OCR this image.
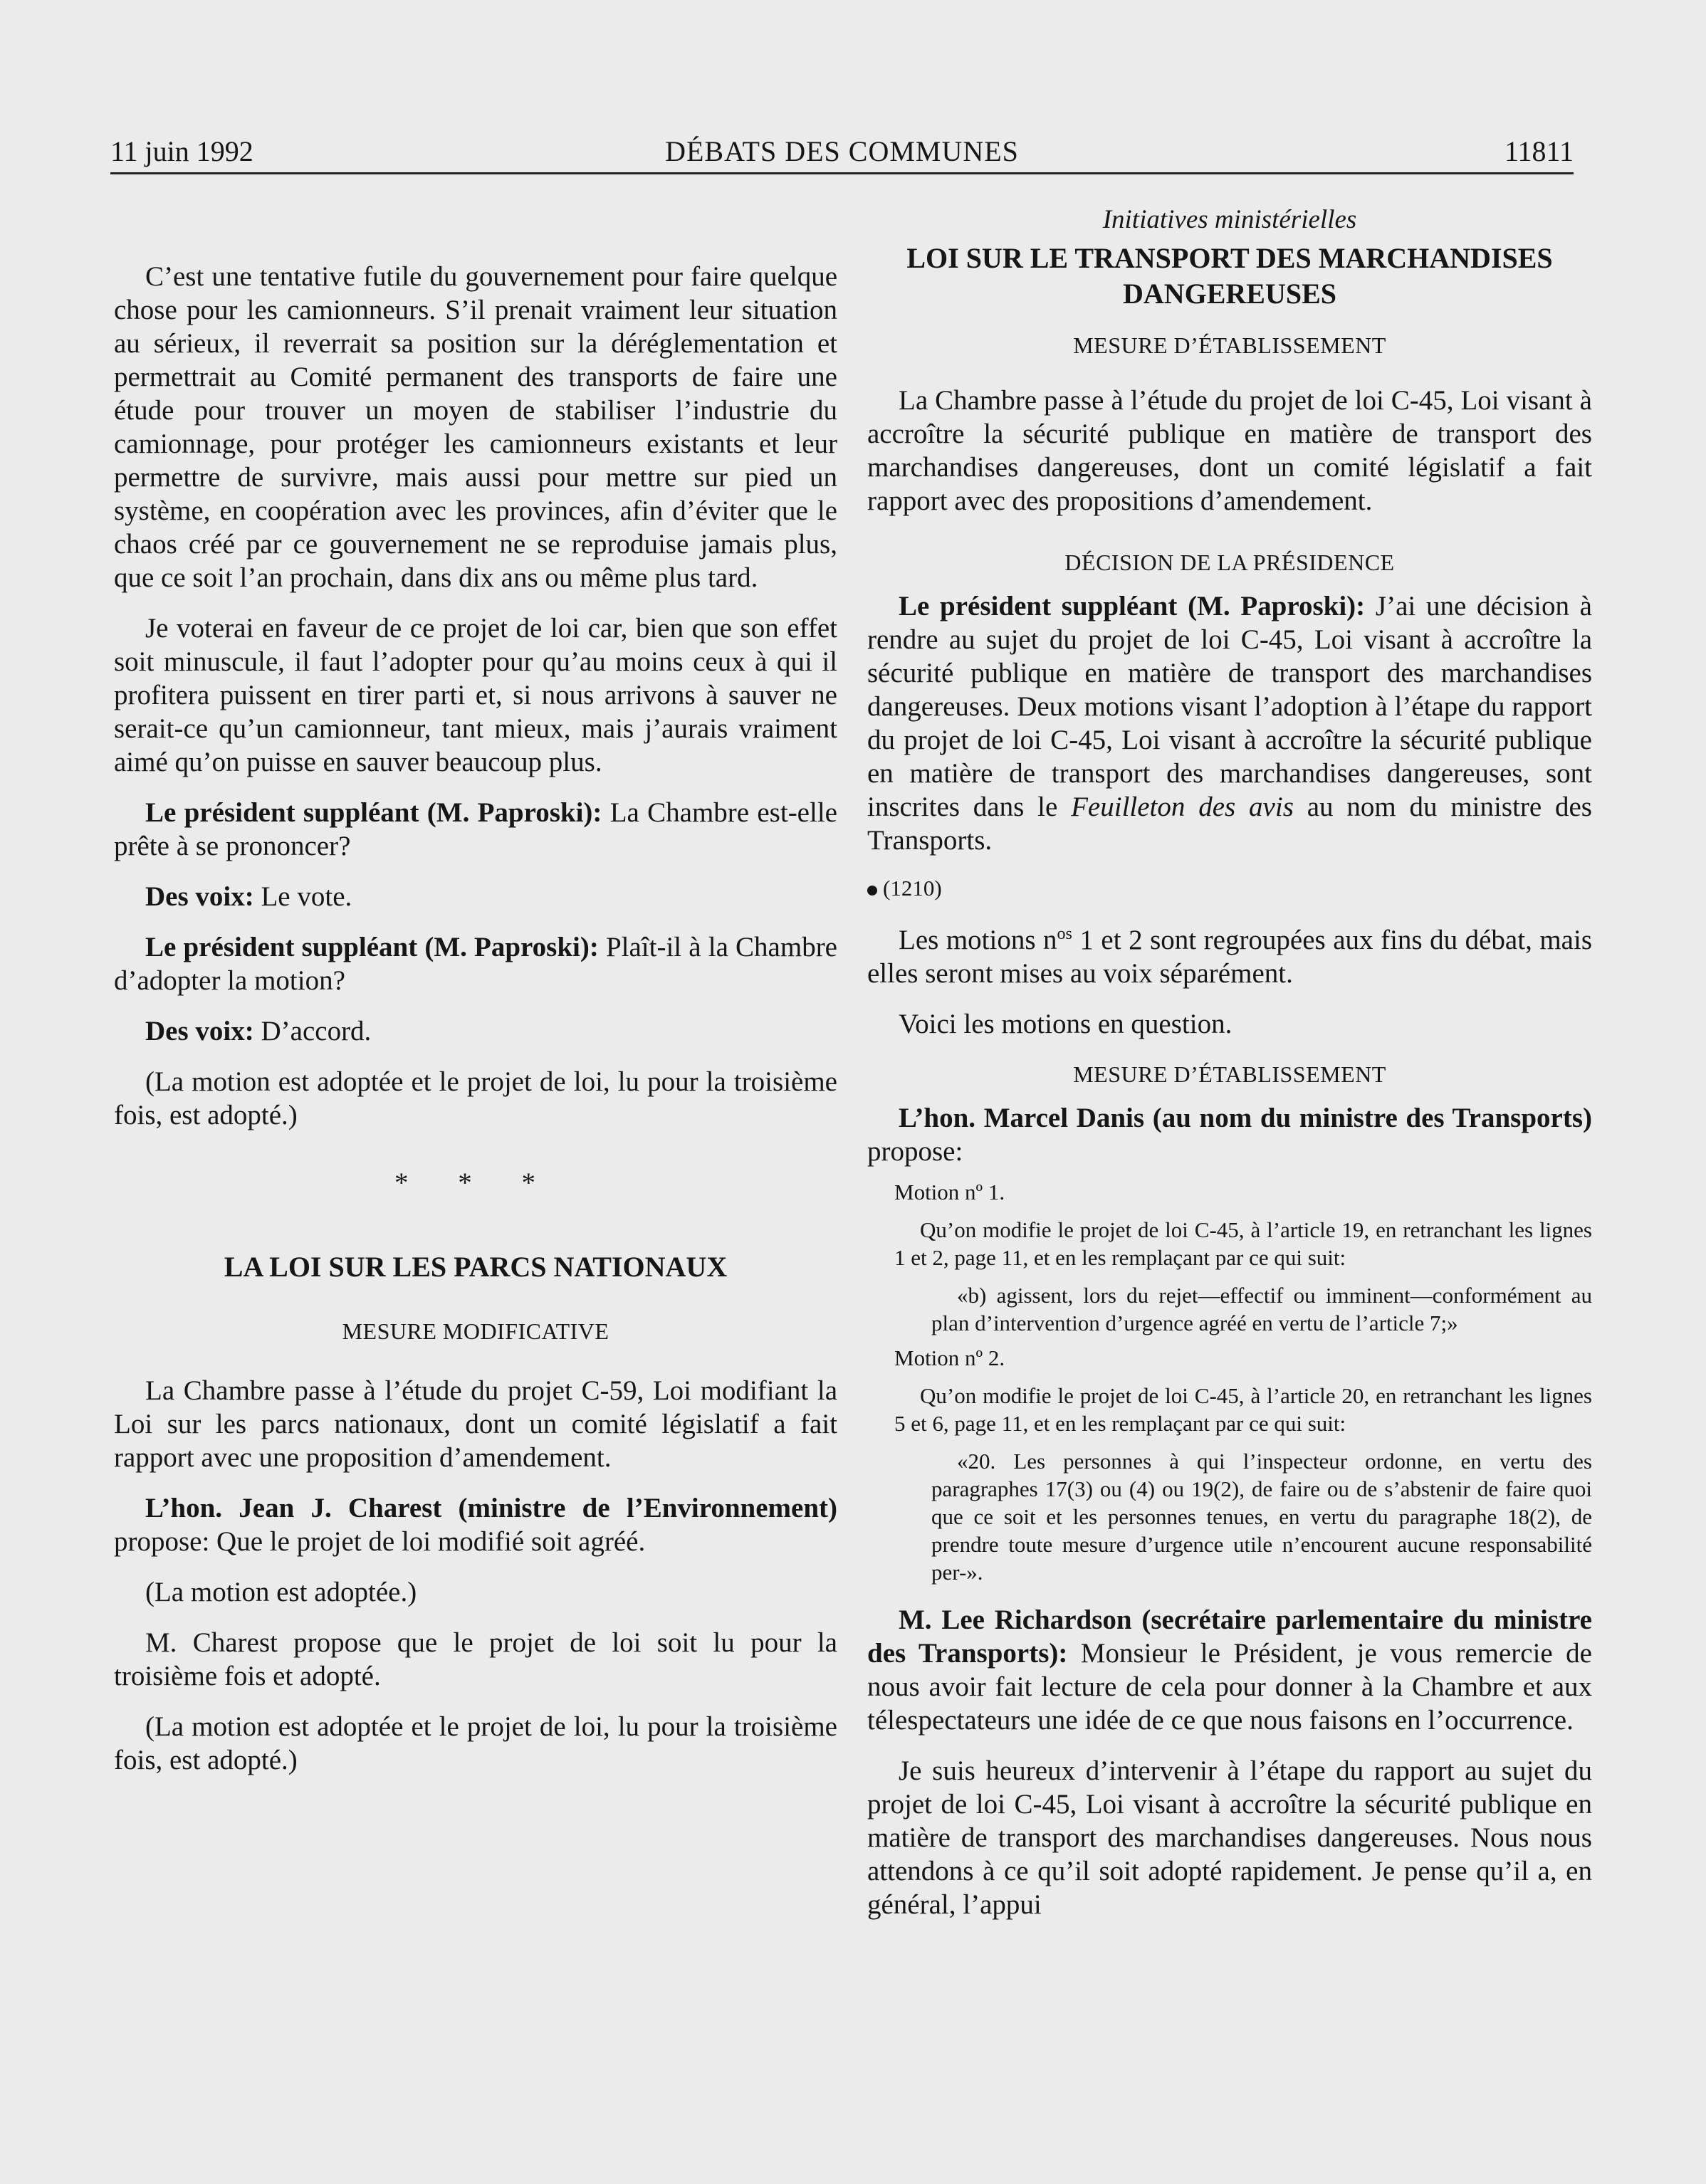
11 juin 1992	DÉBATS DES COMMUNES	11811

C’est une tentative futile du gouvernement pour faire quelque chose pour les camionneurs. S’il prenait vraiment leur situation au sérieux, il reverrait sa position sur la déréglementation et permettrait au Comité permanent des transports de faire une étude pour trouver un moyen de stabiliser l’industrie du camionnage, pour protéger les camionneurs existants et leur permettre de survivre, mais aussi pour mettre sur pied un système, en coopération avec les provinces, afin d’éviter que le chaos créé par ce gouvernement ne se reproduise jamais plus, que ce soit l’an prochain, dans dix ans ou même plus tard.

Je voterai en faveur de ce projet de loi car, bien que son effet soit minuscule, il faut l’adopter pour qu’au moins ceux à qui il profitera puissent en tirer parti et, si nous arrivons à sauver ne serait-ce qu’un camionneur, tant mieux, mais j’aurais vraiment aimé qu’on puisse en sauver beaucoup plus.

Le président suppléant (M. Paproski): La Chambre est-elle prête à se prononcer?

Des voix: Le vote.

Le président suppléant (M. Paproski): Plaît-il à la Chambre d’adopter la motion?

Des voix: D’accord.

(La motion est adoptée et le projet de loi, lu pour la troisième fois, est adopté.)

* * *

LA LOI SUR LES PARCS NATIONAUX

MESURE MODIFICATIVE

La Chambre passe à l’étude du projet C-59, Loi modifiant la Loi sur les parcs nationaux, dont un comité législatif a fait rapport avec une proposition d’amendement.

L’hon. Jean J. Charest (ministre de l’Environnement) propose: Que le projet de loi modifié soit agréé.

(La motion est adoptée.)

M. Charest propose que le projet de loi soit lu pour la troisième fois et adopté.

(La motion est adoptée et le projet de loi, lu pour la troisième fois, est adopté.)

Initiatives ministérielles

LOI SUR LE TRANSPORT DES MARCHANDISES DANGEREUSES

MESURE D’ÉTABLISSEMENT

La Chambre passe à l’étude du projet de loi C-45, Loi visant à accroître la sécurité publique en matière de transport des marchandises dangereuses, dont un comité législatif a fait rapport avec des propositions d’amendement.

DÉCISION DE LA PRÉSIDENCE

Le président suppléant (M. Paproski): J’ai une décision à rendre au sujet du projet de loi C-45, Loi visant à accroître la sécurité publique en matière de transport des marchandises dangereuses. Deux motions visant l’adoption à l’étape du rapport du projet de loi C-45, Loi visant à accroître la sécurité publique en matière de transport des marchandises dangereuses, sont inscrites dans le Feuilleton des avis au nom du ministre des Transports.

(1210)

Les motions $n^{os}$ 1 et 2 sont regroupées aux fins du débat, mais elles seront mises au voix séparément.

Voici les motions en question.

MESURE D’ÉTABLISSEMENT

L’hon. Marcel Danis (au nom du ministre des Transports) propose:

Motion nº 1.

Qu’on modifie le projet de loi C-45, à l’article 19, en retranchant les lignes 1 et 2, page 11, et en les remplaçant par ce qui suit:

«b) agissent, lors du rejet—effectif ou imminent—conformément au plan d’intervention d’urgence agréé en vertu de l’article 7;»

Motion nº 2.

Qu’on modifie le projet de loi C-45, à l’article 20, en retranchant les lignes 5 et 6, page 11, et en les remplaçant par ce qui suit:

«20. Les personnes à qui l’inspecteur ordonne, en vertu des paragraphes 17(3) ou (4) ou 19(2), de faire ou de s’abstenir de faire quoi que ce soit et les personnes tenues, en vertu du paragraphe 18(2), de prendre toute mesure d’urgence utile n’encourent aucune responsabilité per-».

M. Lee Richardson (secrétaire parlementaire du ministre des Transports): Monsieur le Président, je vous remercie de nous avoir fait lecture de cela pour donner à la Chambre et aux télespectateurs une idée de ce que nous faisons en l’occurrence.

Je suis heureux d’intervenir à l’étape du rapport au sujet du projet de loi C-45, Loi visant à accroître la sécurité publique en matière de transport des marchandises dangereuses. Nous nous attendons à ce qu’il soit adopté rapidement. Je pense qu’il a, en général, l’appui
